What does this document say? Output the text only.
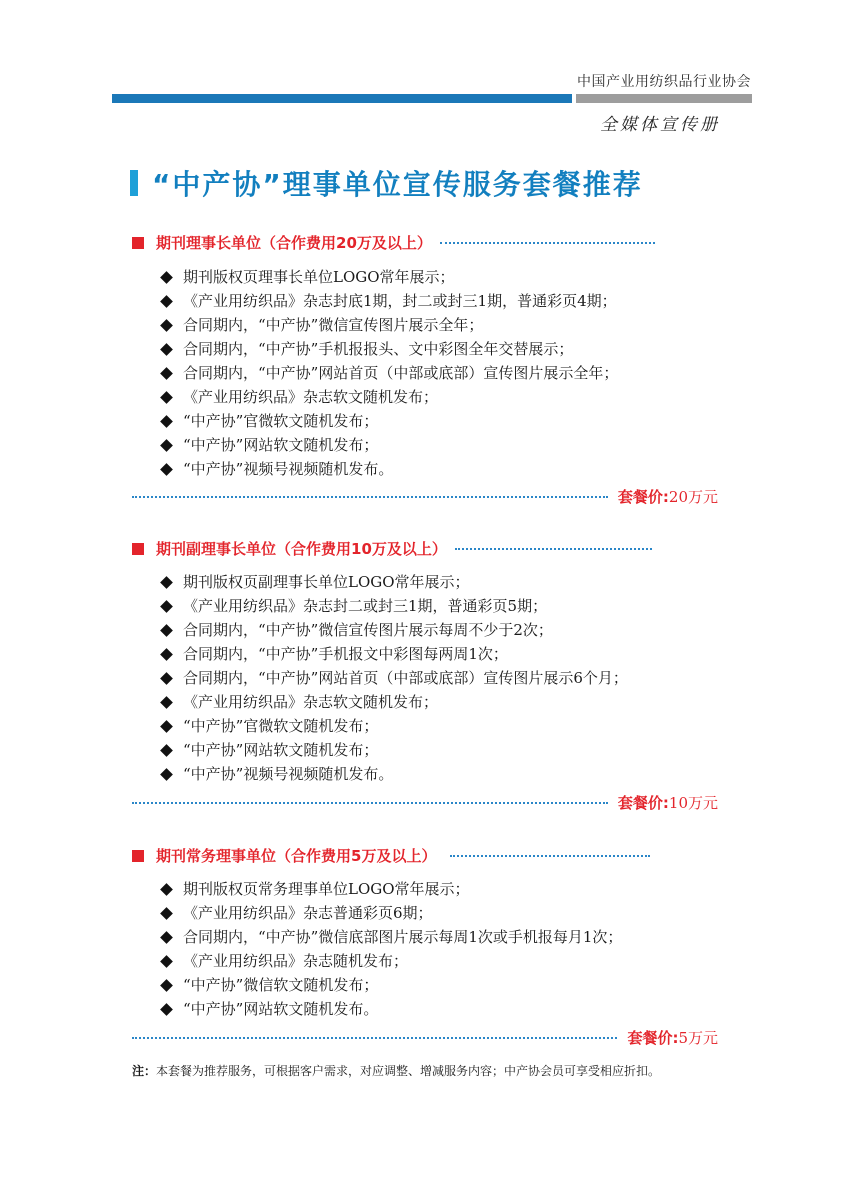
中国产业用纺织品行业协会
全媒体宣传册
“中产协”理事单位宣传服务套餐推荐
期刊理事长单位（合作费用20万及以上）
期刊版权页理事长单位LOGO常年展示；
《产业用纺织品》杂志封底1期，封二或封三1期，普通彩页4期；
合同期内，“中产协”微信宣传图片展示全年；
合同期内，“中产协”手机报报头、文中彩图全年交替展示；
合同期内，“中产协”网站首页（中部或底部）宣传图片展示全年；
《产业用纺织品》杂志软文随机发布；
“中产协”官微软文随机发布；
“中产协”网站软文随机发布；
“中产协”视频号视频随机发布。
套餐价: 20万元
期刊副理事长单位（合作费用10万及以上）
期刊版权页副理事长单位LOGO常年展示；
《产业用纺织品》杂志封二或封三1期，普通彩页5期；
合同期内，“中产协”微信宣传图片展示每周不少于2次；
合同期内，“中产协”手机报文中彩图每两周1次；
合同期内，“中产协”网站首页（中部或底部）宣传图片展示6个月；
《产业用纺织品》杂志软文随机发布；
“中产协”官微软文随机发布；
“中产协”网站软文随机发布；
“中产协”视频号视频随机发布。
套餐价: 10万元
期刊常务理事单位（合作费用5万及以上）
期刊版权页常务理事单位LOGO常年展示；
《产业用纺织品》杂志普通彩页6期；
合同期内，“中产协”微信底部图片展示每周1次或手机报每月1次；
《产业用纺织品》杂志随机发布；
“中产协”微信软文随机发布；
“中产协”网站软文随机发布。
套餐价: 5万元
注：本套餐为推荐服务，可根据客户需求，对应调整、增减服务内容；中产协会员可享受相应折扣。
